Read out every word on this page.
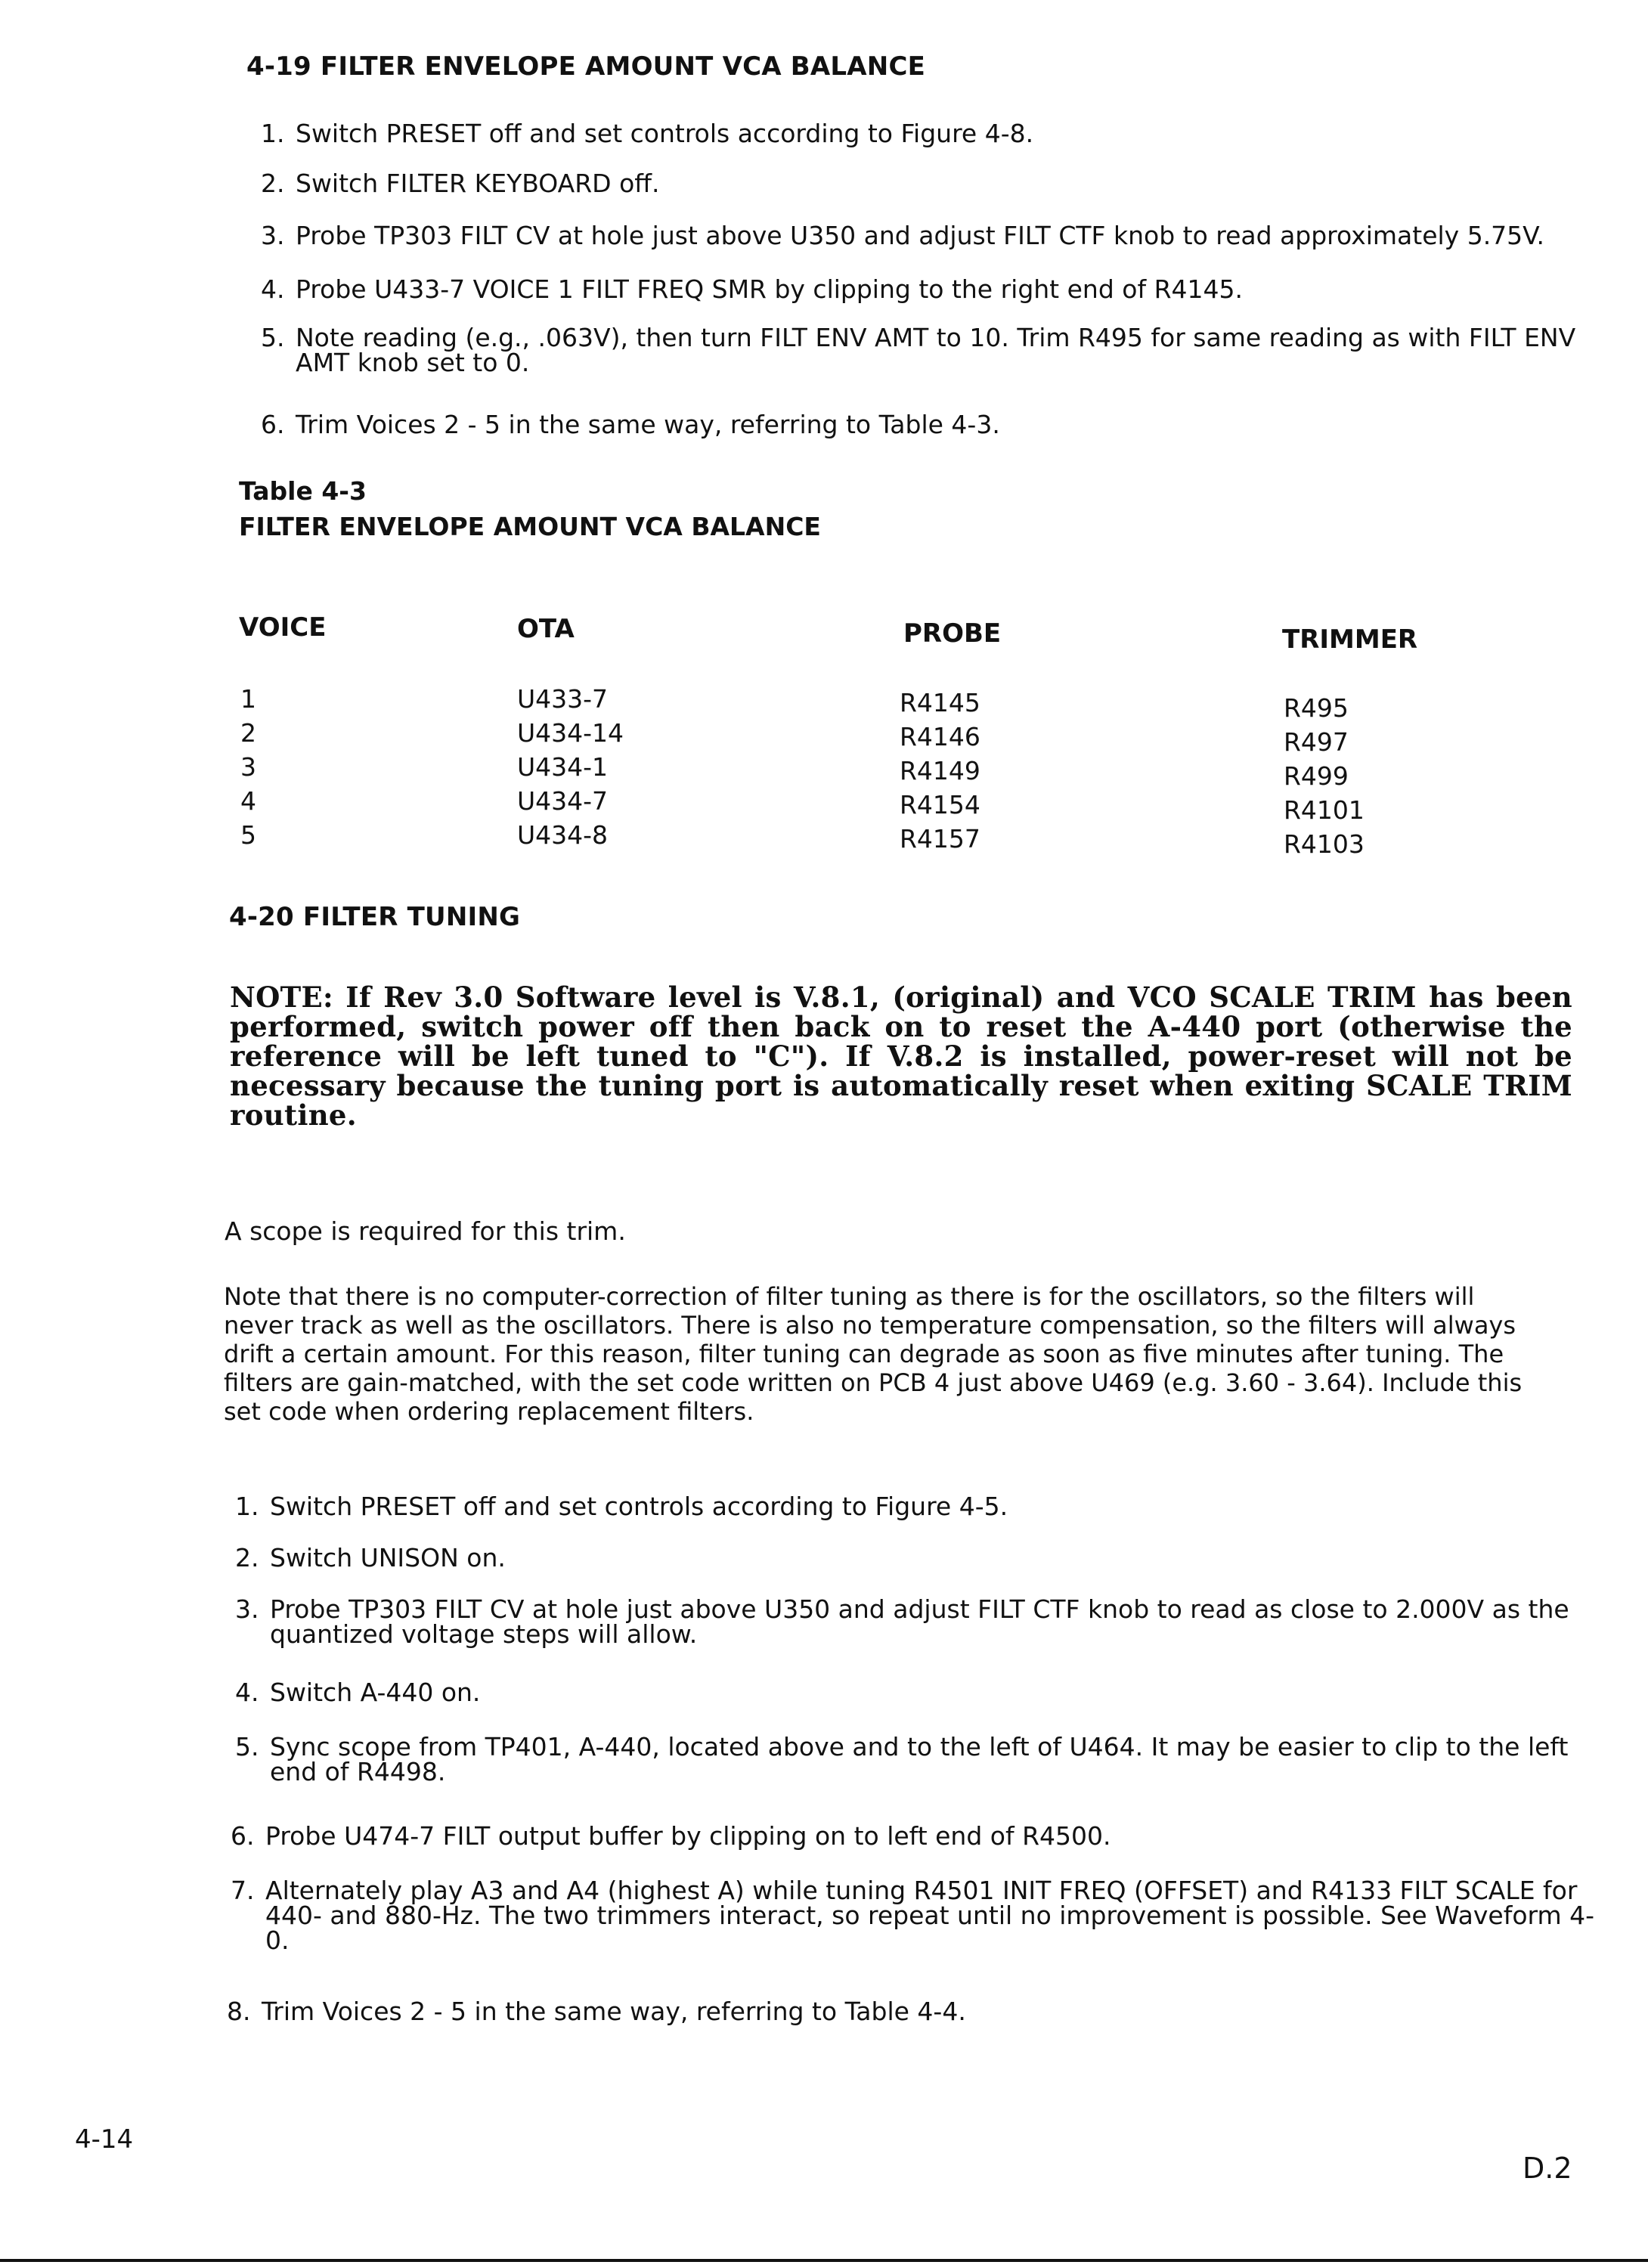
4-19 FILTER ENVELOPE AMOUNT VCA BALANCE
1. Switch PRESET off and set controls according to Figure 4-8.
2. Switch FILTER KEYBOARD off.
3. Probe TP303 FILT CV at hole just above U350 and adjust FILT CTF knob to read approximately 5.75V.
4. Probe U433-7 VOICE 1 FILT FREQ SMR by clipping to the right end of R4145.
5. Note reading (e.g., .063V), then turn FILT ENV AMT to 10. Trim R495 for same reading as with FILT ENV AMT knob set to 0.
6. Trim Voices 2 - 5 in the same way, referring to Table 4-3.
Table 4-3
FILTER ENVELOPE AMOUNT VCA BALANCE
VOICE	OTA	PROBE	TRIMMER
1	U433-7	R4145	R495
2	U434-14	R4146	R497
3	U434-1	R4149	R499
4	U434-7	R4154	R4101
5	U434-8	R4157	R4103
4-20 FILTER TUNING
NOTE: If Rev 3.0 Software level is V.8.1, (original) and VCO SCALE TRIM has been performed, switch power off then back on to reset the A-440 port (otherwise the reference will be left tuned to "C"). If V.8.2 is installed, power-reset will not be necessary because the tuning port is automatically reset when exiting SCALE TRIM routine.
A scope is required for this trim.
Note that there is no computer-correction of filter tuning as there is for the oscillators, so the filters will never track as well as the oscillators. There is also no temperature compensation, so the filters will always drift a certain amount. For this reason, filter tuning can degrade as soon as five minutes after tuning. The filters are gain-matched, with the set code written on PCB 4 just above U469 (e.g. 3.60 - 3.64). Include this set code when ordering replacement filters.
1. Switch PRESET off and set controls according to Figure 4-5.
2. Switch UNISON on.
3. Probe TP303 FILT CV at hole just above U350 and adjust FILT CTF knob to read as close to 2.000V as the quantized voltage steps will allow.
4. Switch A-440 on.
5. Sync scope from TP401, A-440, located above and to the left of U464. It may be easier to clip to the left end of R4498.
6. Probe U474-7 FILT output buffer by clipping on to left end of R4500.
7. Alternately play A3 and A4 (highest A) while tuning R4501 INIT FREQ (OFFSET) and R4133 FILT SCALE for 440- and 880-Hz. The two trimmers interact, so repeat until no improvement is possible. See Waveform 4-0.
8. Trim Voices 2 - 5 in the same way, referring to Table 4-4.
4-14
D.2
